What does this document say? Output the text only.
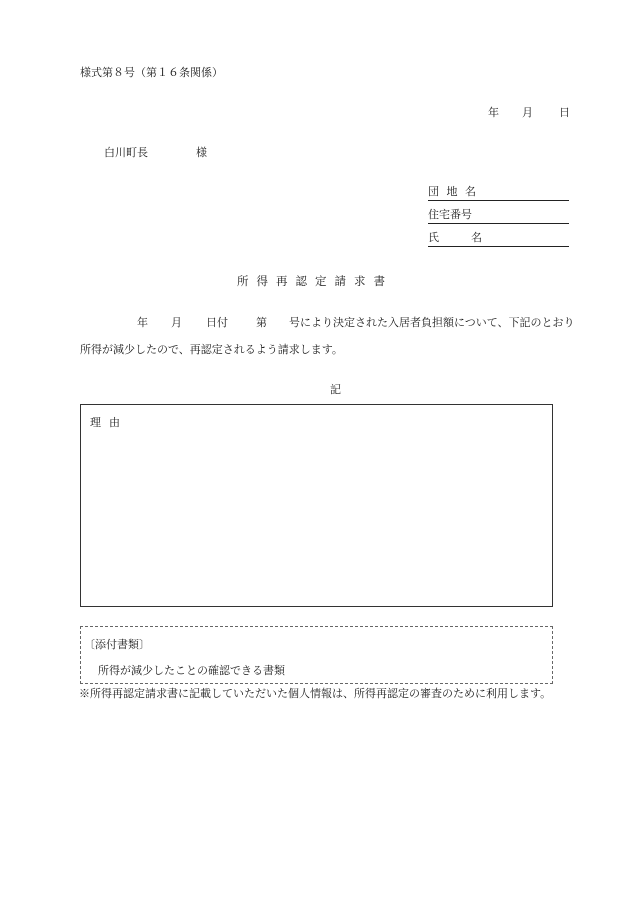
様式第８号（第１６条関係）
年 月 日
白川町長	様
団 地 名
住宅番号
氏	名
所得再認定請求書
年 月 日付	第 号により決定された入居者負担額について、下記のとおり
所得が減少したので、再認定されるよう請求します。
記
理由
〔添付書類〕
所得が減少したことの確認できる書類
※所得再認定請求書に記載していただいた個人情報は、所得再認定の審査のために利用します。
